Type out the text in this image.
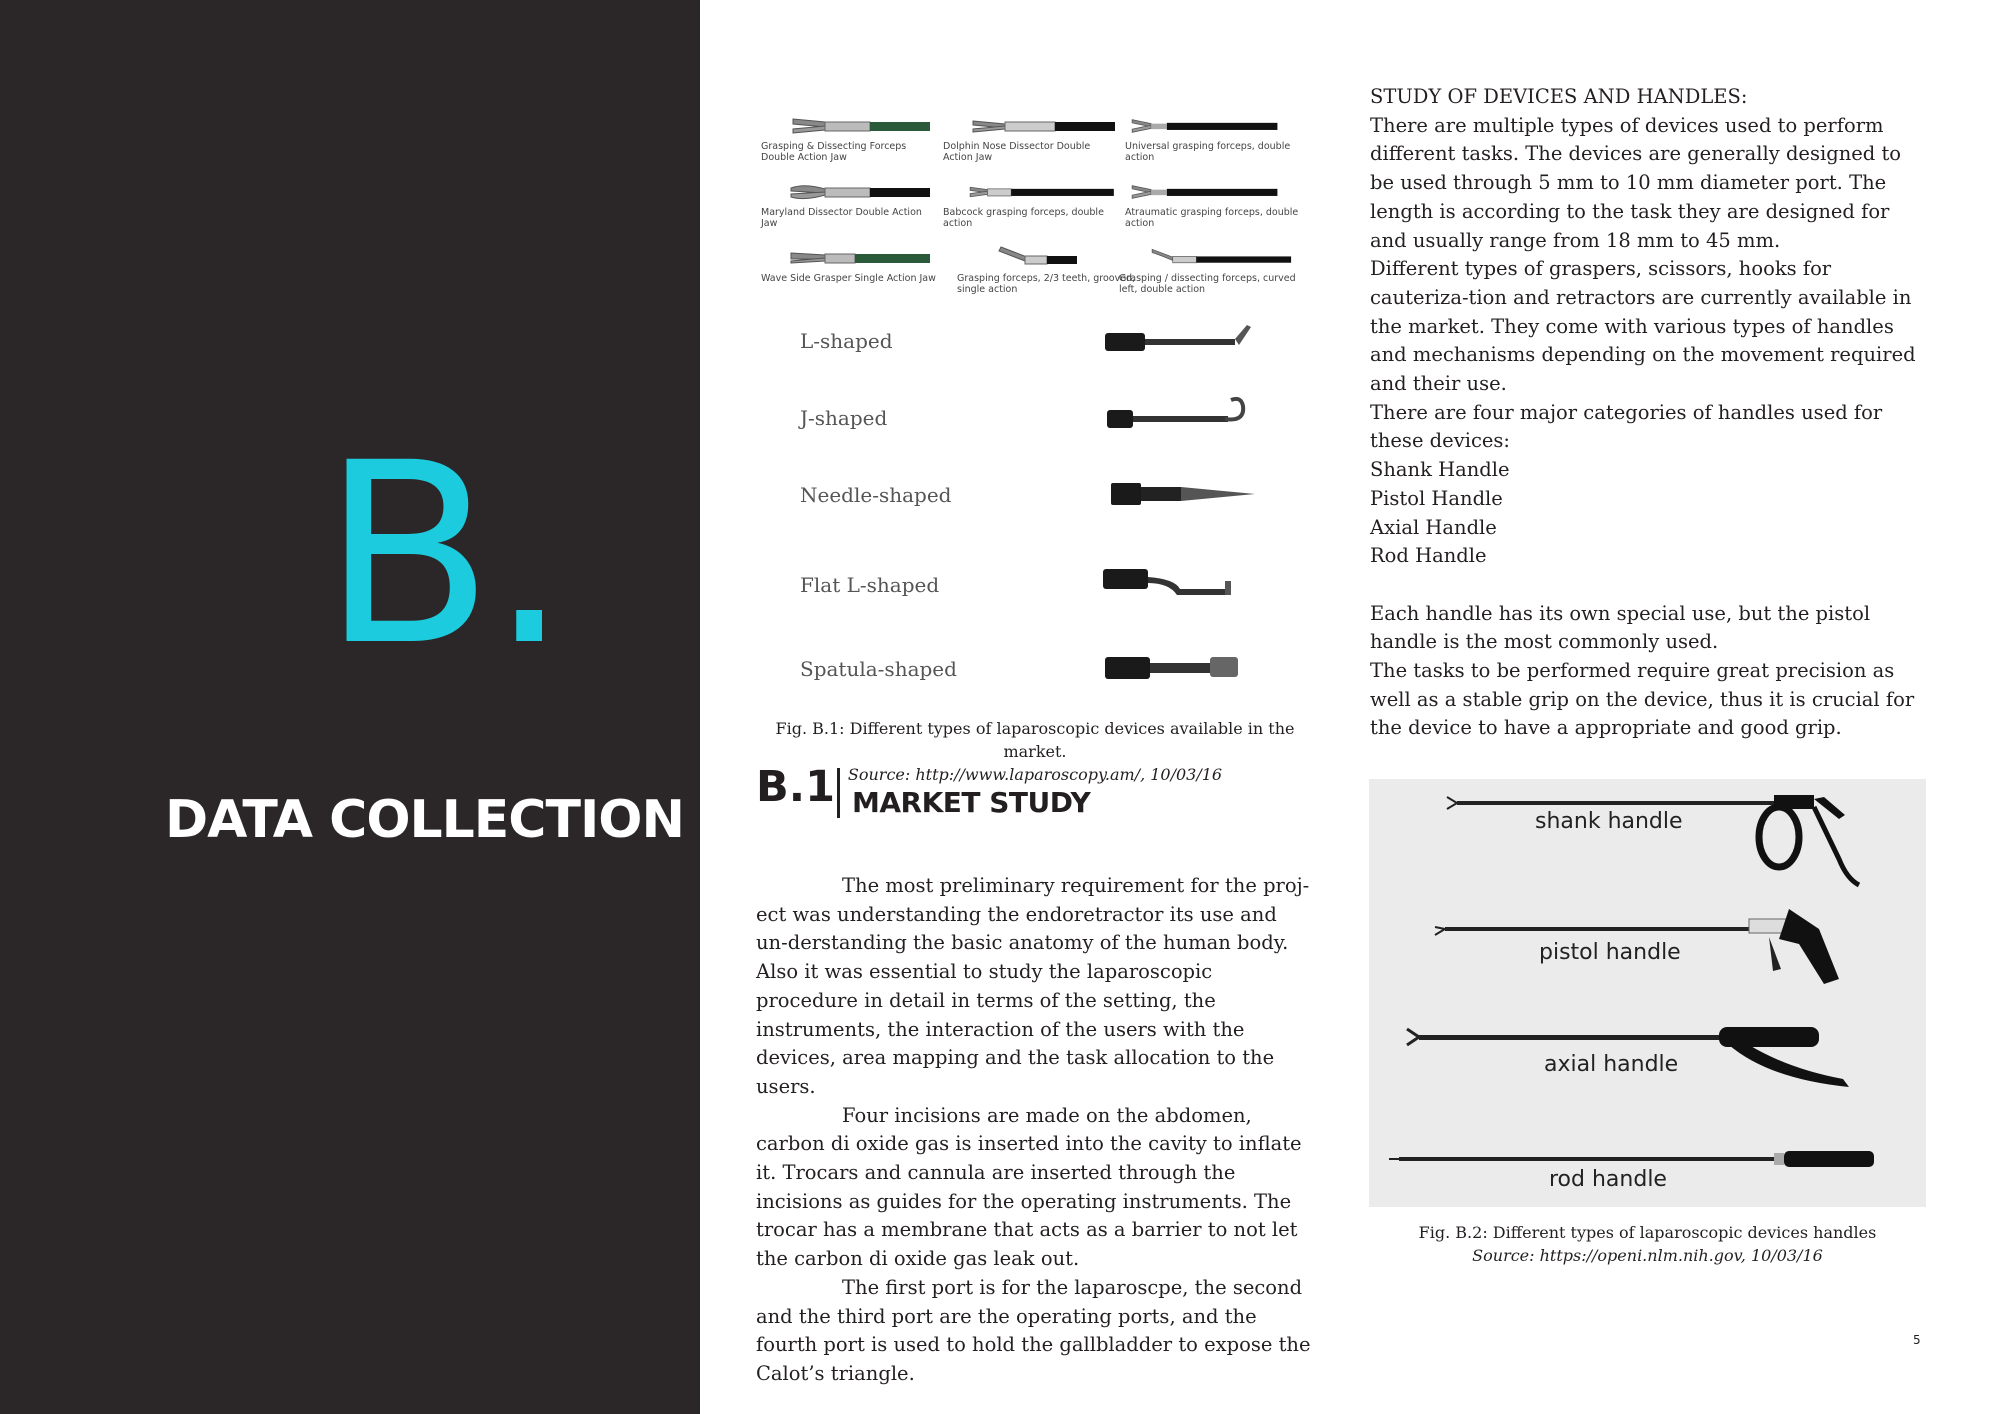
B.
DATA COLLECTION
Grasping & Dissecting Forceps Double Action Jaw
Dolphin Nose Dissector Double Action Jaw
Universal grasping forceps, double action
Maryland Dissector Double Action Jaw
Babcock grasping forceps, double action
Atraumatic grasping forceps, double action
Wave Side Grasper Single Action Jaw	Grasping forceps, 2/3 teeth, grooved, single action
Grasping / dissecting forceps, curved left, double action
L-shaped
J-shaped
Needle-shaped
Flat L-shaped
Spatula-shaped
Fig. B.1: Different types of laparoscopic devices available in the market.
Source: http://www.laparoscopy.am/, 10/03/16
B.1 MARKET STUDY

The most preliminary requirement for the proj-ect was understanding the endoretractor its use and un-derstanding the basic anatomy of the human body. Also it was essential to study the laparoscopic procedure in detail in terms of the setting, the instruments, the interaction of the users with the devices, area mapping and the task allocation to the users.

Four incisions are made on the abdomen, carbon di oxide gas is inserted into the cavity to inflate it. Trocars and cannula are inserted through the incisions as guides for the operating instruments. The trocar has a membrane that acts as a barrier to not let the carbon di oxide gas leak out.

The first port is for the laparoscpe, the second and the third port are the operating ports, and the fourth port is used to hold the gallbladder to expose the Calot’s triangle.

STUDY OF DEVICES AND HANDLES:
There are multiple types of devices used to perform different tasks. The devices are generally designed to be used through 5 mm to 10 mm diameter port. The length is according to the task they are designed for and usually range from 18 mm to 45 mm.
Different types of graspers, scissors, hooks for cauteriza-tion and retractors are currently available in the market. They come with various types of handles and mechanisms depending on the movement required and their use.
There are four major categories of handles used for these devices:
Shank Handle
Pistol Handle
Axial Handle
Rod Handle
Each handle has its own special use, but the pistol handle is the most commonly used.
The tasks to be performed require great precision as well as a stable grip on the device, thus it is crucial for the device to have a appropriate and good grip.
shank handle
pistol handle
axial handle
rod handle
Fig. B.2: Different types of laparoscopic devices handles
Source: https://openi.nlm.nih.gov, 10/03/16
5
